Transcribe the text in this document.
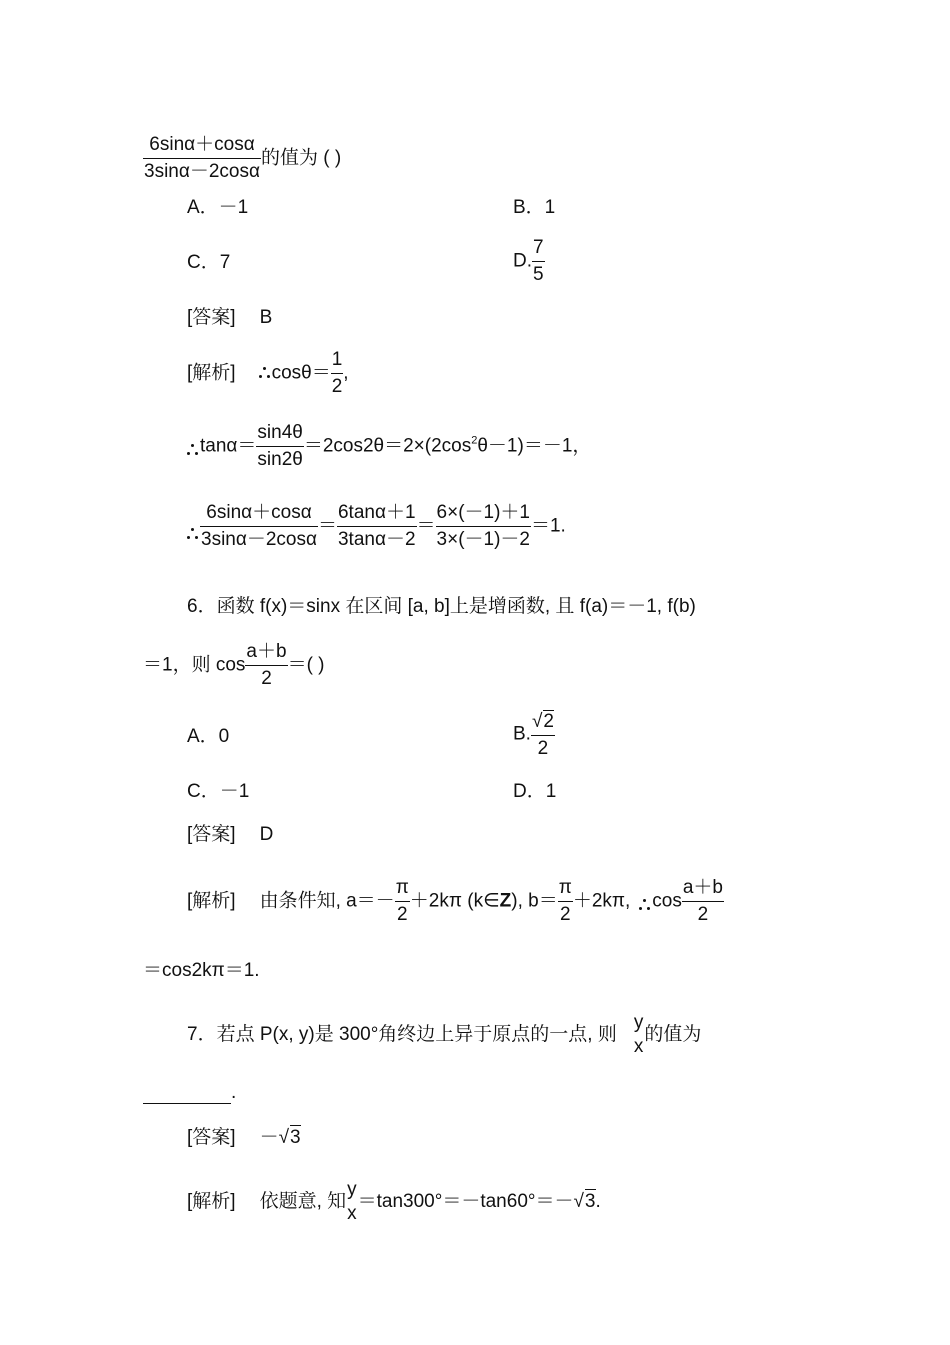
$\frac{6\sin\alpha+\cos\alpha}{3\sin\alpha-2\cos\alpha}$ 的值为 ( )
A．－1	B．1
C．7	D. $\frac{7}{5}$
[答案] B
[解析] $\cos\theta= \frac{1}{2}$ ,
$\tan\alpha= \frac{\sin 4\theta}{\sin 2\theta} =2\cos 2\theta=2\times(2\cos^2\theta-1)=-1$，
$\frac{6\sin\alpha+\cos\alpha}{3\sin\alpha-2\cos\alpha} = \frac{6\tan\alpha+1}{3\tan\alpha-2} = \frac{6\times(-1)+1}{3\times(-1)-2} =1$.
6．函数 f(x)＝sinx 在区间 [a, b]上是增函数, 且 f(a)＝－1, f(b)
＝1，则 $\cos \frac{a+b}{2}$ ＝( )
A．0	B. $\frac{√2}{2}$
C．－1	D．1
[答案] D
[解析] 由条件知, $a=- \frac{\pi}{2} +2k\pi$ (k∈Z), $b= \frac{\pi}{2} +2k\pi$, $\cos \frac{a+b}{2}$
＝cos2kπ＝1.
7．若点 P(x, y)是 300°角终边上异于原点的一点, 则
y
x
的值为
.
[答案] －√3
[解析] 依题意, 知
y
x
＝tan300°＝－tan60°＝－√3.
